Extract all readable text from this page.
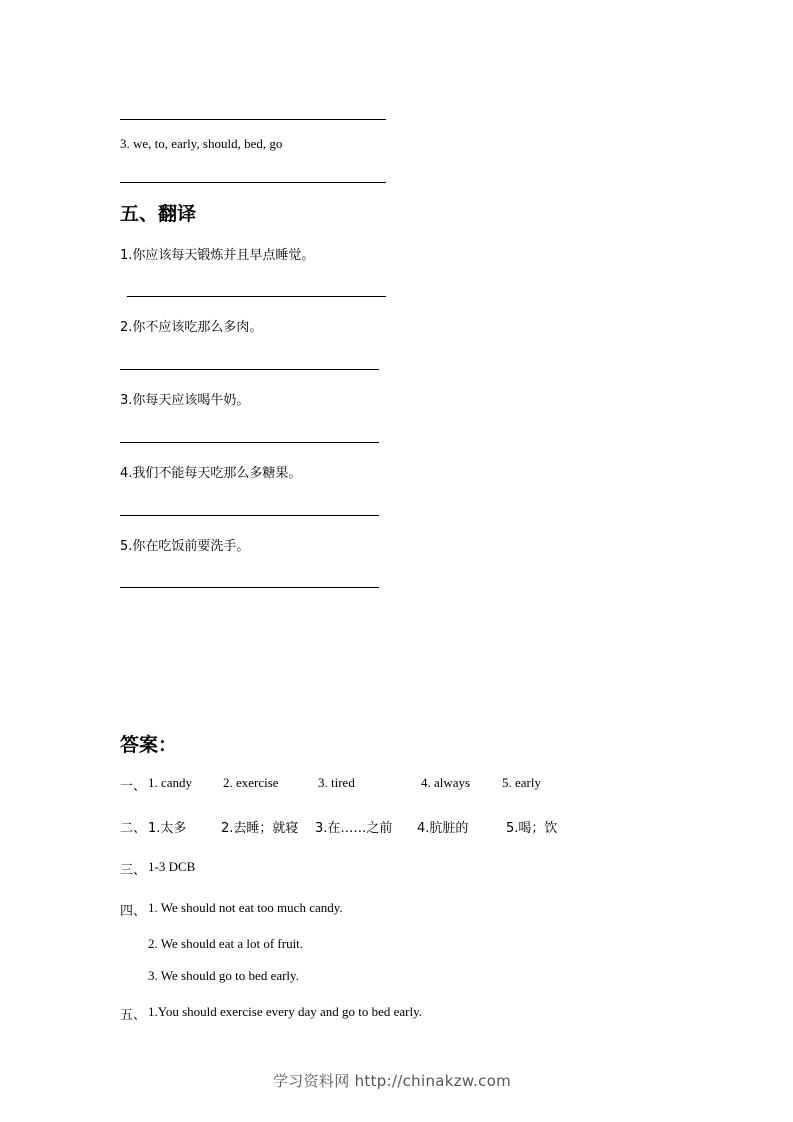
3. we, to, early, should, bed, go
五、翻译
1.你应该每天锻炼并且早点睡觉。
2.你不应该吃那么多肉。
3.你每天应该喝牛奶。
4.我们不能每天吃那么多糖果。
5.你在吃饭前要洗手。
答案：
一、 1. candy 2. exercise	3. tired	4. always 5. early
二、 1.太多	2.去睡；就寝 3.在……之前 4.肮脏的	5.喝；饮
三、 1-3 DCB
四、 1. We should not eat too much candy.
2. We should eat a lot of fruit.
3. We should go to bed early.
五、 1.You should exercise every day and go to bed early.
学习资料网 http://chinakzw.com
